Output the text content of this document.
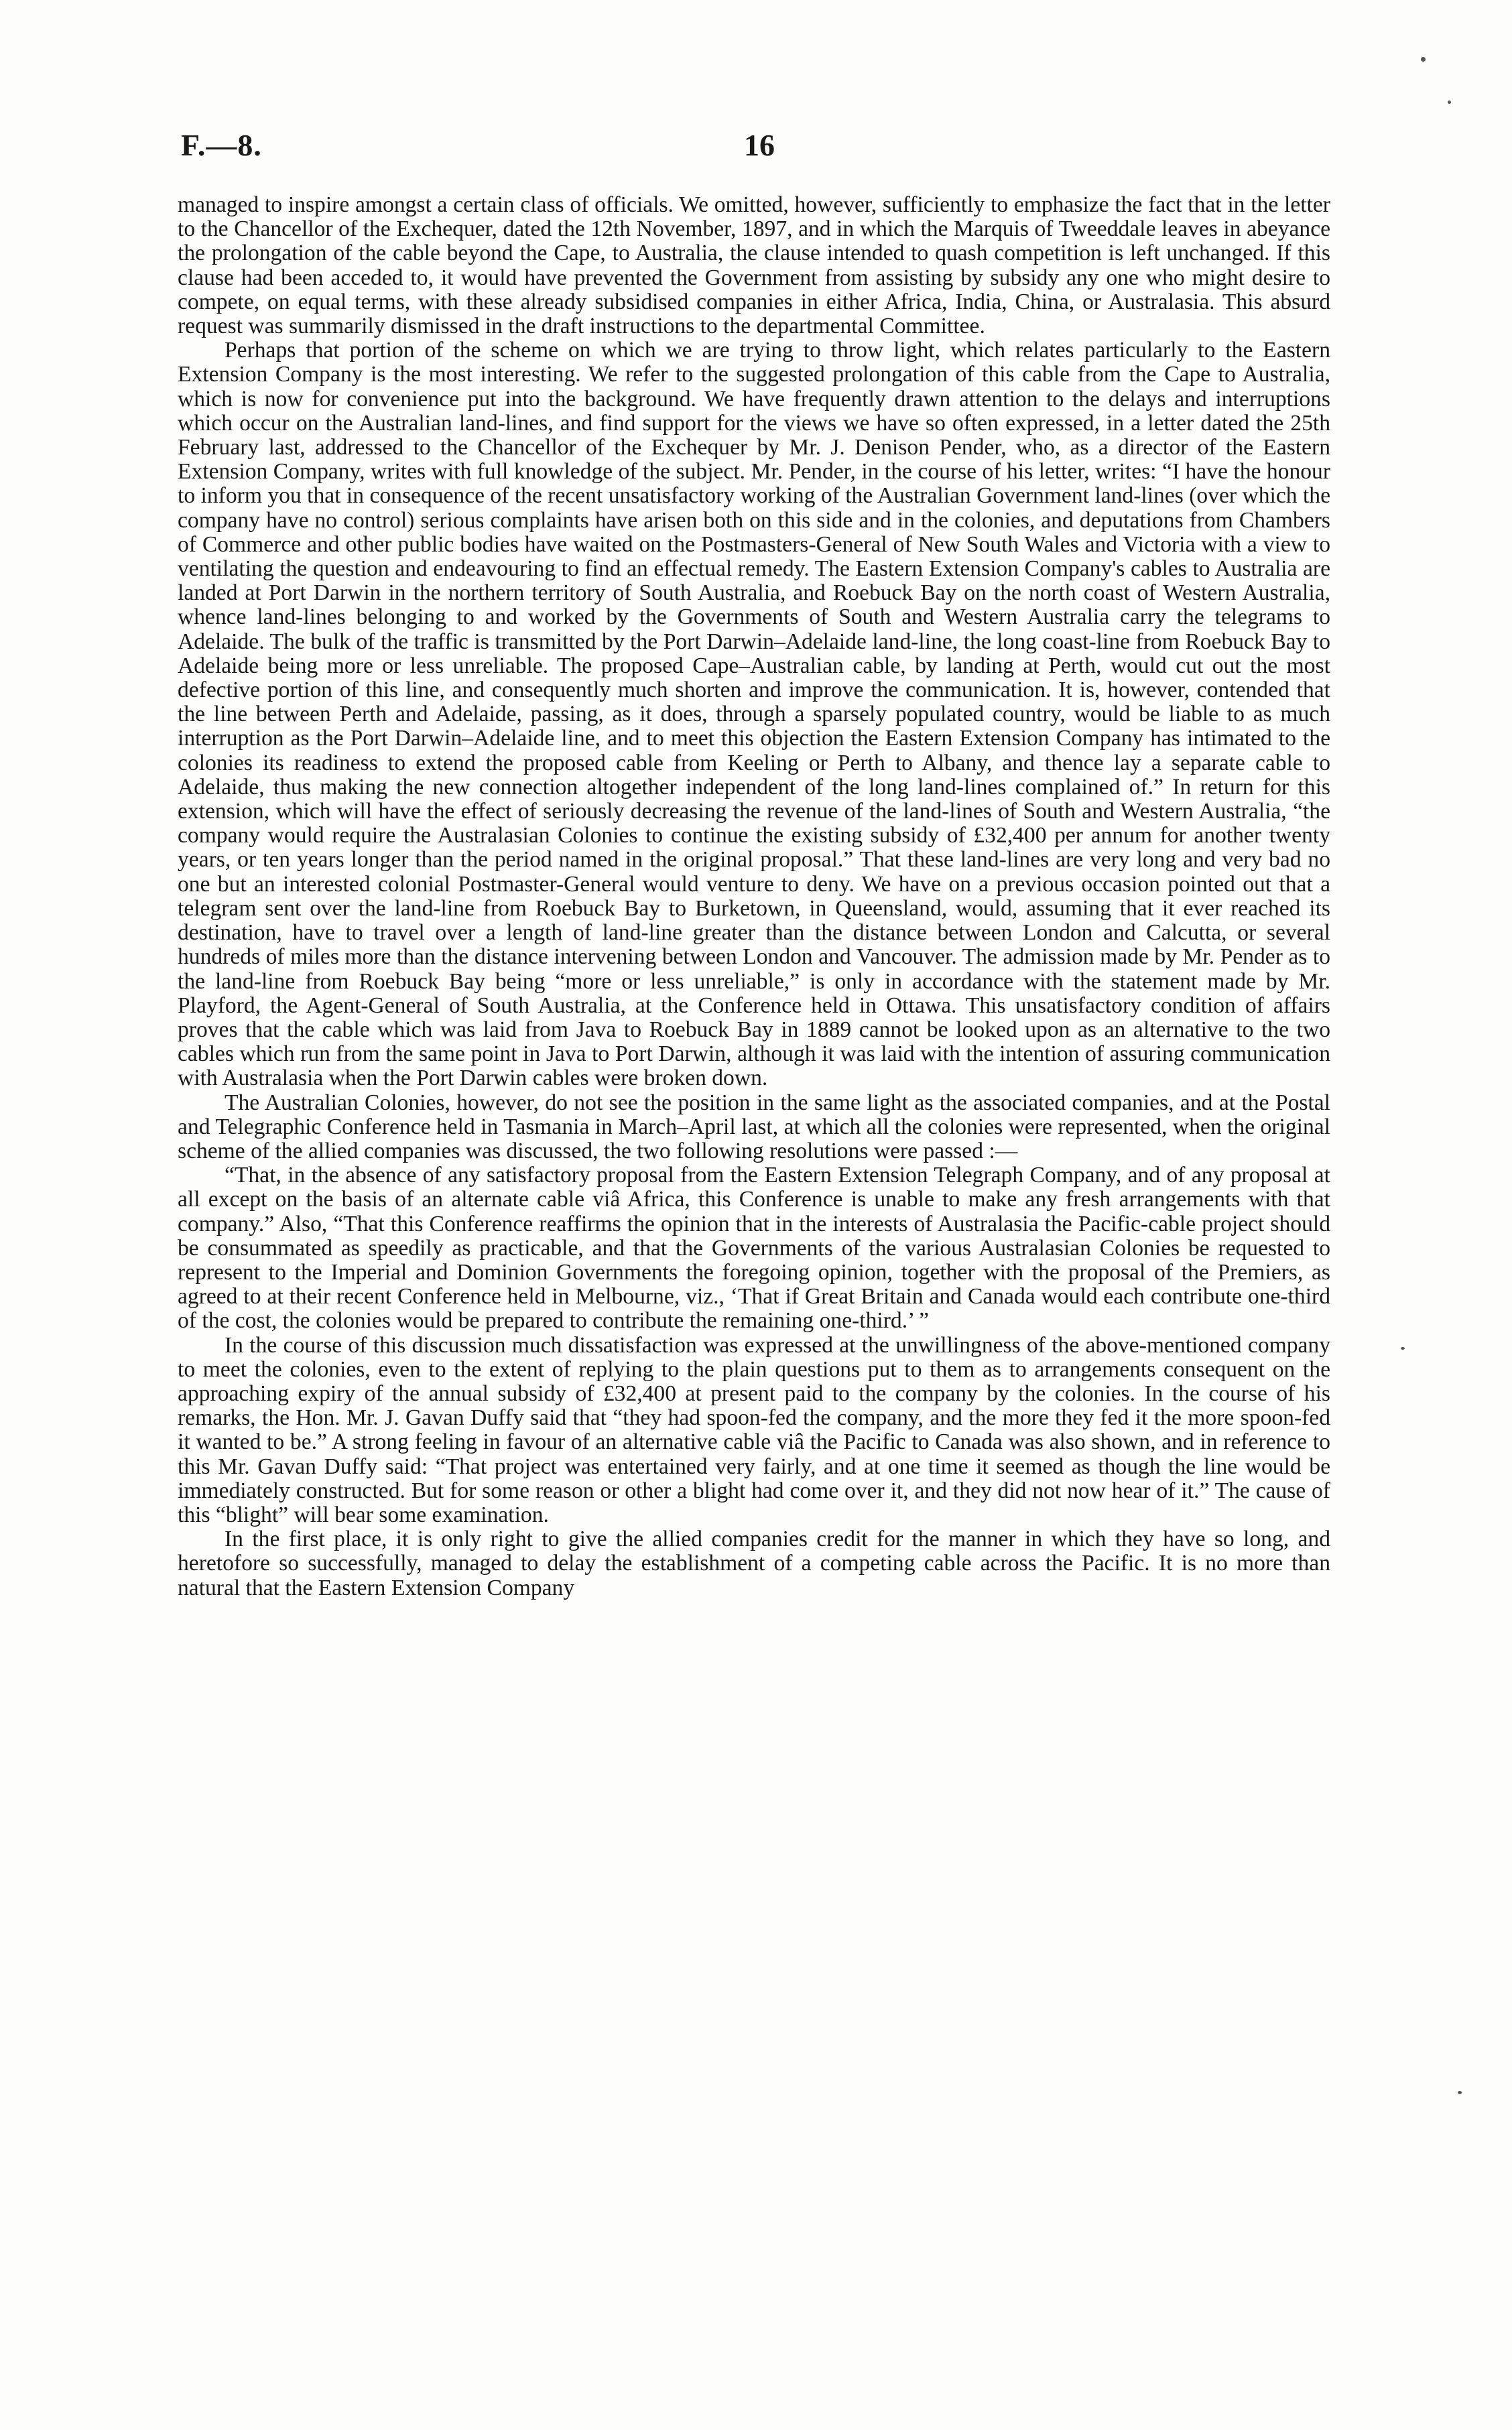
F.—8.	16

managed to inspire amongst a certain class of officials. We omitted, however, sufficiently to emphasize the fact that in the letter to the Chancellor of the Exchequer, dated the 12th November, 1897, and in which the Marquis of Tweeddale leaves in abeyance the prolongation of the cable beyond the Cape, to Australia, the clause intended to quash competition is left unchanged. If this clause had been acceded to, it would have prevented the Government from assisting by subsidy any one who might desire to compete, on equal terms, with these already subsidised companies in either Africa, India, China, or Australasia. This absurd request was summarily dismissed in the draft instructions to the departmental Committee.

Perhaps that portion of the scheme on which we are trying to throw light, which relates particularly to the Eastern Extension Company is the most interesting. We refer to the suggested prolongation of this cable from the Cape to Australia, which is now for convenience put into the background. We have frequently drawn attention to the delays and interruptions which occur on the Australian land-lines, and find support for the views we have so often expressed, in a letter dated the 25th February last, addressed to the Chancellor of the Exchequer by Mr. J. Denison Pender, who, as a director of the Eastern Extension Company, writes with full knowledge of the subject. Mr. Pender, in the course of his letter, writes: “I have the honour to inform you that in consequence of the recent unsatisfactory working of the Australian Government land-lines (over which the company have no control) serious complaints have arisen both on this side and in the colonies, and deputations from Chambers of Commerce and other public bodies have waited on the Postmasters-General of New South Wales and Victoria with a view to ventilating the question and endeavouring to find an effectual remedy. The Eastern Extension Company's cables to Australia are landed at Port Darwin in the northern territory of South Australia, and Roebuck Bay on the north coast of Western Australia, whence land-lines belonging to and worked by the Governments of South and Western Australia carry the telegrams to Adelaide. The bulk of the traffic is transmitted by the Port Darwin–Adelaide land-line, the long coast-line from Roebuck Bay to Adelaide being more or less unreliable. The proposed Cape–Australian cable, by landing at Perth, would cut out the most defective portion of this line, and consequently much shorten and improve the communication. It is, however, contended that the line between Perth and Adelaide, passing, as it does, through a sparsely populated country, would be liable to as much interruption as the Port Darwin–Adelaide line, and to meet this objection the Eastern Extension Company has intimated to the colonies its readiness to extend the proposed cable from Keeling or Perth to Albany, and thence lay a separate cable to Adelaide, thus making the new connection altogether independent of the long land-lines complained of.” In return for this extension, which will have the effect of seriously decreasing the revenue of the land-lines of South and Western Australia, “the company would require the Australasian Colonies to continue the existing subsidy of £32,400 per annum for another twenty years, or ten years longer than the period named in the original proposal.” That these land-lines are very long and very bad no one but an interested colonial Postmaster-General would venture to deny. We have on a previous occasion pointed out that a telegram sent over the land-line from Roebuck Bay to Burketown, in Queensland, would, assuming that it ever reached its destination, have to travel over a length of land-line greater than the distance between London and Calcutta, or several hundreds of miles more than the distance intervening between London and Vancouver. The admission made by Mr. Pender as to the land-line from Roebuck Bay being “more or less unreliable,” is only in accordance with the statement made by Mr. Playford, the Agent-General of South Australia, at the Conference held in Ottawa. This unsatisfactory condition of affairs proves that the cable which was laid from Java to Roebuck Bay in 1889 cannot be looked upon as an alternative to the two cables which run from the same point in Java to Port Darwin, although it was laid with the intention of assuring communication with Australasia when the Port Darwin cables were broken down.

The Australian Colonies, however, do not see the position in the same light as the associated companies, and at the Postal and Telegraphic Conference held in Tasmania in March–April last, at which all the colonies were represented, when the original scheme of the allied companies was discussed, the two following resolutions were passed :—

“That, in the absence of any satisfactory proposal from the Eastern Extension Telegraph Company, and of any proposal at all except on the basis of an alternate cable viâ Africa, this Conference is unable to make any fresh arrangements with that company.” Also, “That this Conference reaffirms the opinion that in the interests of Australasia the Pacific-cable project should be consummated as speedily as practicable, and that the Governments of the various Australasian Colonies be requested to represent to the Imperial and Dominion Governments the foregoing opinion, together with the proposal of the Premiers, as agreed to at their recent Conference held in Melbourne, viz., ‘That if Great Britain and Canada would each contribute one-third of the cost, the colonies would be prepared to contribute the remaining one-third.’ ”

In the course of this discussion much dissatisfaction was expressed at the unwillingness of the above-mentioned company to meet the colonies, even to the extent of replying to the plain questions put to them as to arrangements consequent on the approaching expiry of the annual subsidy of £32,400 at present paid to the company by the colonies. In the course of his remarks, the Hon. Mr. J. Gavan Duffy said that “they had spoon-fed the company, and the more they fed it the more spoon-fed it wanted to be.” A strong feeling in favour of an alternative cable viâ the Pacific to Canada was also shown, and in reference to this Mr. Gavan Duffy said: “That project was entertained very fairly, and at one time it seemed as though the line would be immediately constructed. But for some reason or other a blight had come over it, and they did not now hear of it.” The cause of this “blight” will bear some examination.

In the first place, it is only right to give the allied companies credit for the manner in which they have so long, and heretofore so successfully, managed to delay the establishment of a competing cable across the Pacific. It is no more than natural that the Eastern Extension Company
